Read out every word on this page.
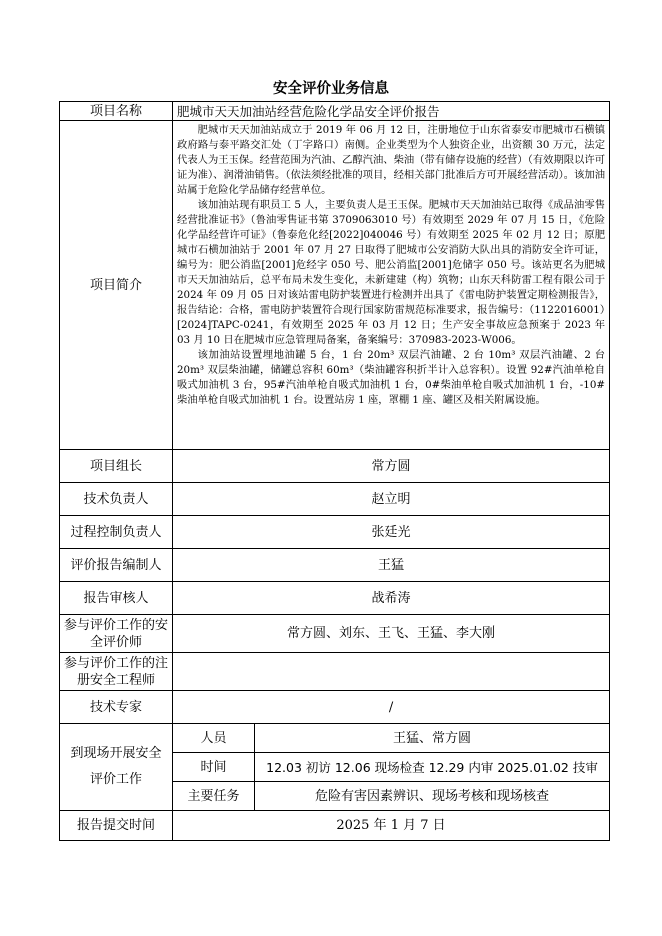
安全评价业务信息
项目名称	肥城市天天加油站经营危险化学品安全评价报告	
项目简介	肥城市天天加油站成立于 2019 年 06 月 12 日，注册地位于山东省泰安市肥城市石横镇政府路与泰平路交汇处（丁字路口）南侧。企业类型为个人独资企业，出资额 30 万元，法定代表人为王玉保。经营范围为汽油、乙醇汽油、柴油（带有储存设施的经营）（有效期限以许可证为准）、润滑油销售。（依法须经批准的项目，经相关部门批准后方可开展经营活动）。该加油站属于危险化学品储存经营单位。

该加油站现有职员工 5 人，主要负责人是王玉保。肥城市天天加油站已取得《成品油零售经营批准证书》（鲁油零售证书第 3709063010 号）有效期至 2029 年 07 月 15 日，《危险化学品经营许可证》（鲁泰危化经[2022]040046 号）有效期至 2025 年 02 月 12 日；原肥城市石横加油站于 2001 年 07 月 27 日取得了肥城市公安消防大队出具的消防安全许可证，编号为：肥公消监[2001]危经字 050 号、肥公消监[2001]危储字 050 号。该站更名为肥城市天天加油站后，总平布局未发生变化，未新建建（构）筑物；山东天科防雷工程有限公司于 2024 年 09 月 05 日对该站雷电防护装置进行检测并出具了《雷电防护装置定期检测报告》，报告结论：合格，雷电防护装置符合现行国家防雷规范标准要求，报告编号：（1122016001）[2024]TAPC-0241，有效期至 2025 年 03 月 12 日；生产安全事故应急预案于 2023 年 03 月 10 日在肥城市应急管理局备案，备案编号：370983-2023-W006。

该加油站设置埋地油罐 5 台，1 台 20m³ 双层汽油罐、2 台 10m³ 双层汽油罐、2 台 20m³ 双层柴油罐，储罐总容积 60m³（柴油罐容积折半计入总容积）。设置 92#汽油单枪自吸式加油机 3 台，95#汽油单枪自吸式加油机 1 台，0#柴油单枪自吸式加油机 1 台，-10#柴油单枪自吸式加油机 1 台。设置站房 1 座，罩棚 1 座、罐区及相关附属设施。	

项目组长	常方圆	
技术负责人	赵立明	
过程控制负责人	张廷光	
评价报告编制人	王猛	
报告审核人	战希涛	
参与评价工作的安全评价师	常方圆、刘东、王飞、王猛、李大刚	
参与评价工作的注册安全工程师		
技术专家	/	

到现场开展安全评价工作	人员	王猛、常方圆
	时间	12.03 初访 12.06 现场检查 12.29 内审 2025.01.02 技审
	主要任务	危险有害因素辨识、现场考核和现场核查
报告提交时间	2025 年 1 月 7 日	
